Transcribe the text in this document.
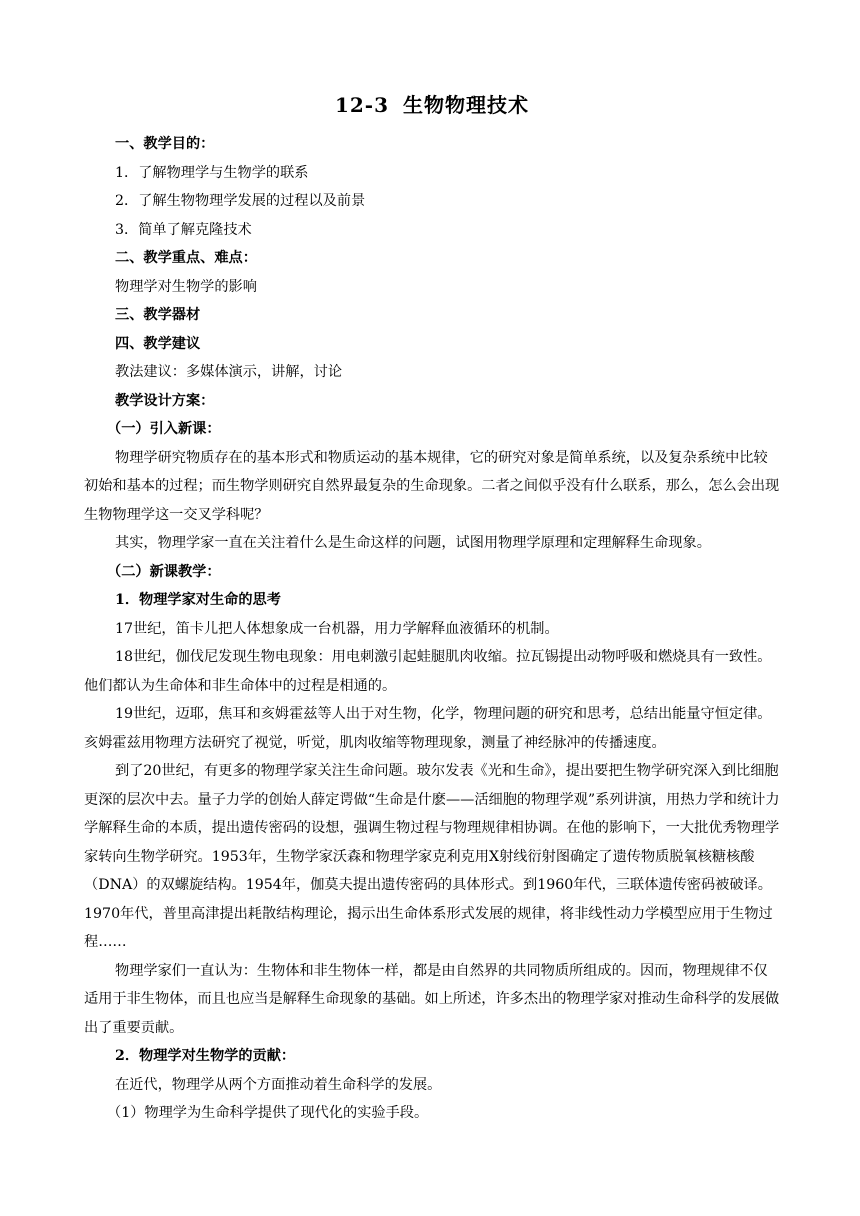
12-3 生物物理技术

一、教学目的：

1．了解物理学与生物学的联系

2．了解生物物理学发展的过程以及前景

3．简单了解克隆技术

二、教学重点、难点：

物理学对生物学的影响

三、教学器材

四、教学建议

教法建议：多媒体演示，讲解，讨论

教学设计方案：

（一）引入新课：

物理学研究物质存在的基本形式和物质运动的基本规律，它的研究对象是简单系统，以及复杂系统中比较初始和基本的过程；而生物学则研究自然界最复杂的生命现象。二者之间似乎没有什么联系，那么，怎么会出现生物物理学这一交叉学科呢？

其实，物理学家一直在关注着什么是生命这样的问题，试图用物理学原理和定理解释生命现象。

（二）新课教学：

1．物理学家对生命的思考

17世纪，笛卡儿把人体想象成一台机器，用力学解释血液循环的机制。

18世纪，伽伐尼发现生物电现象：用电刺激引起蛙腿肌肉收缩。拉瓦锡提出动物呼吸和燃烧具有一致性。他们都认为生命体和非生命体中的过程是相通的。

19世纪，迈耶，焦耳和亥姆霍兹等人出于对生物，化学，物理问题的研究和思考，总结出能量守恒定律。亥姆霍兹用物理方法研究了视觉，听觉，肌肉收缩等物理现象，测量了神经脉冲的传播速度。

到了20世纪，有更多的物理学家关注生命问题。玻尔发表《光和生命》，提出要把生物学研究深入到比细胞更深的层次中去。量子力学的创始人薛定谔做“生命是什麽——活细胞的物理学观”系列讲演，用热力学和统计力学解释生命的本质，提出遗传密码的设想，强调生物过程与物理规律相协调。在他的影响下，一大批优秀物理学家转向生物学研究。1953年，生物学家沃森和物理学家克利克用X射线衍射图确定了遗传物质脱氧核糖核酸（DNA）的双螺旋结构。1954年，伽莫夫提出遗传密码的具体形式。到1960年代，三联体遗传密码被破译。1970年代，普里高津提出耗散结构理论，揭示出生命体系形式发展的规律，将非线性动力学模型应用于生物过程……

物理学家们一直认为：生物体和非生物体一样，都是由自然界的共同物质所组成的。因而，物理规律不仅适用于非生物体，而且也应当是解释生命现象的基础。如上所述，许多杰出的物理学家对推动生命科学的发展做出了重要贡献。

2．物理学对生物学的贡献：

在近代，物理学从两个方面推动着生命科学的发展。

（1）物理学为生命科学提供了现代化的实验手段。
